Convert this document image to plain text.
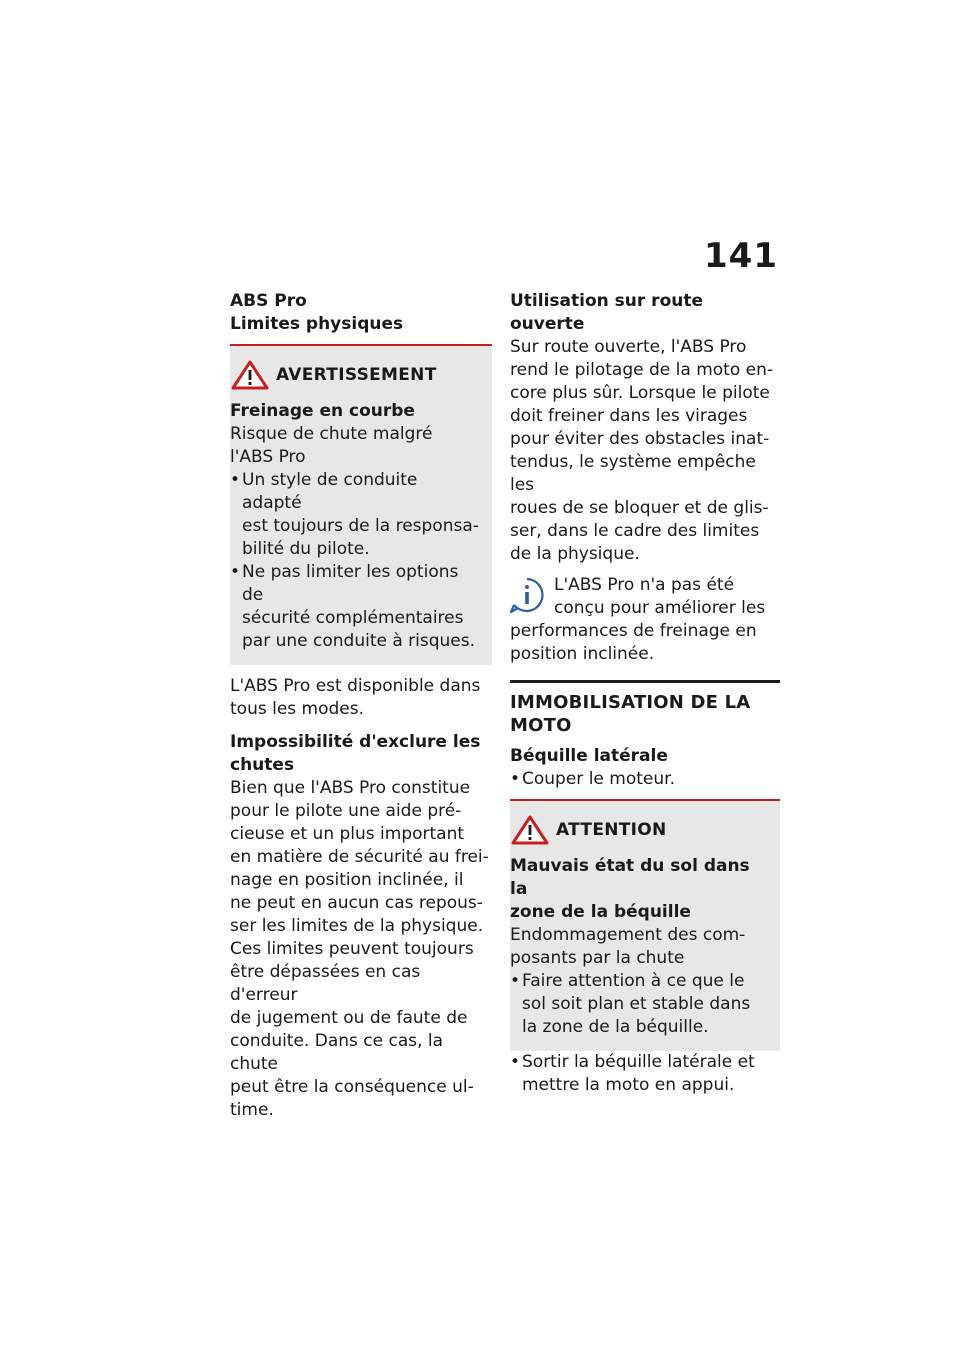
141
ABS Pro
Limites physiques
AVERTISSEMENT
Freinage en courbe
Risque de chute malgré
l'ABS Pro
• Un style de conduite adapté
est toujours de la responsa-
bilité du pilote.
• Ne pas limiter les options de
sécurité complémentaires
par une conduite à risques.
L'ABS Pro est disponible dans
tous les modes.
Impossibilité d'exclure les
chutes
Bien que l'ABS Pro constitue
pour le pilote une aide pré-
cieuse et un plus important
en matière de sécurité au frei-
nage en position inclinée, il
ne peut en aucun cas repous-
ser les limites de la physique.
Ces limites peuvent toujours
être dépassées en cas d'erreur
de jugement ou de faute de
conduite. Dans ce cas, la chute
peut être la conséquence ul-
time.
Utilisation sur route ouverte
Sur route ouverte, l'ABS Pro
rend le pilotage de la moto en-
core plus sûr. Lorsque le pilote
doit freiner dans les virages
pour éviter des obstacles inat-
tendus, le système empêche les
roues de se bloquer et de glis-
ser, dans le cadre des limites
de la physique.
L'ABS Pro n'a pas été
conçu pour améliorer les
performances de freinage en
position inclinée.
IMMOBILISATION DE LA
MOTO
Béquille latérale
• Couper le moteur.
ATTENTION
Mauvais état du sol dans la
zone de la béquille
Endommagement des com-
posants par la chute
• Faire attention à ce que le
sol soit plan et stable dans
la zone de la béquille.
• Sortir la béquille latérale et
mettre la moto en appui.
